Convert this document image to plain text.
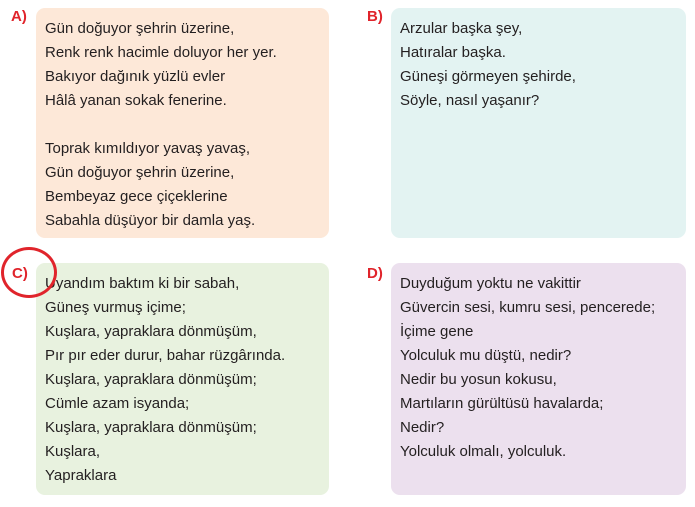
A)
Gün doğuyor şehrin üzerine,
Renk renk hacimle doluyor her yer.
Bakıyor dağınık yüzlü evler
Hâlâ yanan sokak fenerine.
Toprak kımıldıyor yavaş yavaş,
Gün doğuyor şehrin üzerine,
Bembeyaz gece çiçeklerine
Sabahla düşüyor bir damla yaş.
B)
Arzular başka şey,
Hatıralar başka.
Güneşi görmeyen şehirde,
Söyle, nasıl yaşanır?
C)
Uyandım baktım ki bir sabah,
Güneş vurmuş içime;
Kuşlara, yapraklara dönmüşüm,
Pır pır eder durur, bahar rüzgârında.
Kuşlara, yapraklara dönmüşüm;
Cümle azam isyanda;
Kuşlara, yapraklara dönmüşüm;
Kuşlara,
Yapraklara
D)
Duyduğum yoktu ne vakittir
Güvercin sesi, kumru sesi, pencerede;
İçime gene
Yolculuk mu düştü, nedir?
Nedir bu yosun kokusu,
Martıların gürültüsü havalarda;
Nedir?
Yolculuk olmalı, yolculuk.
